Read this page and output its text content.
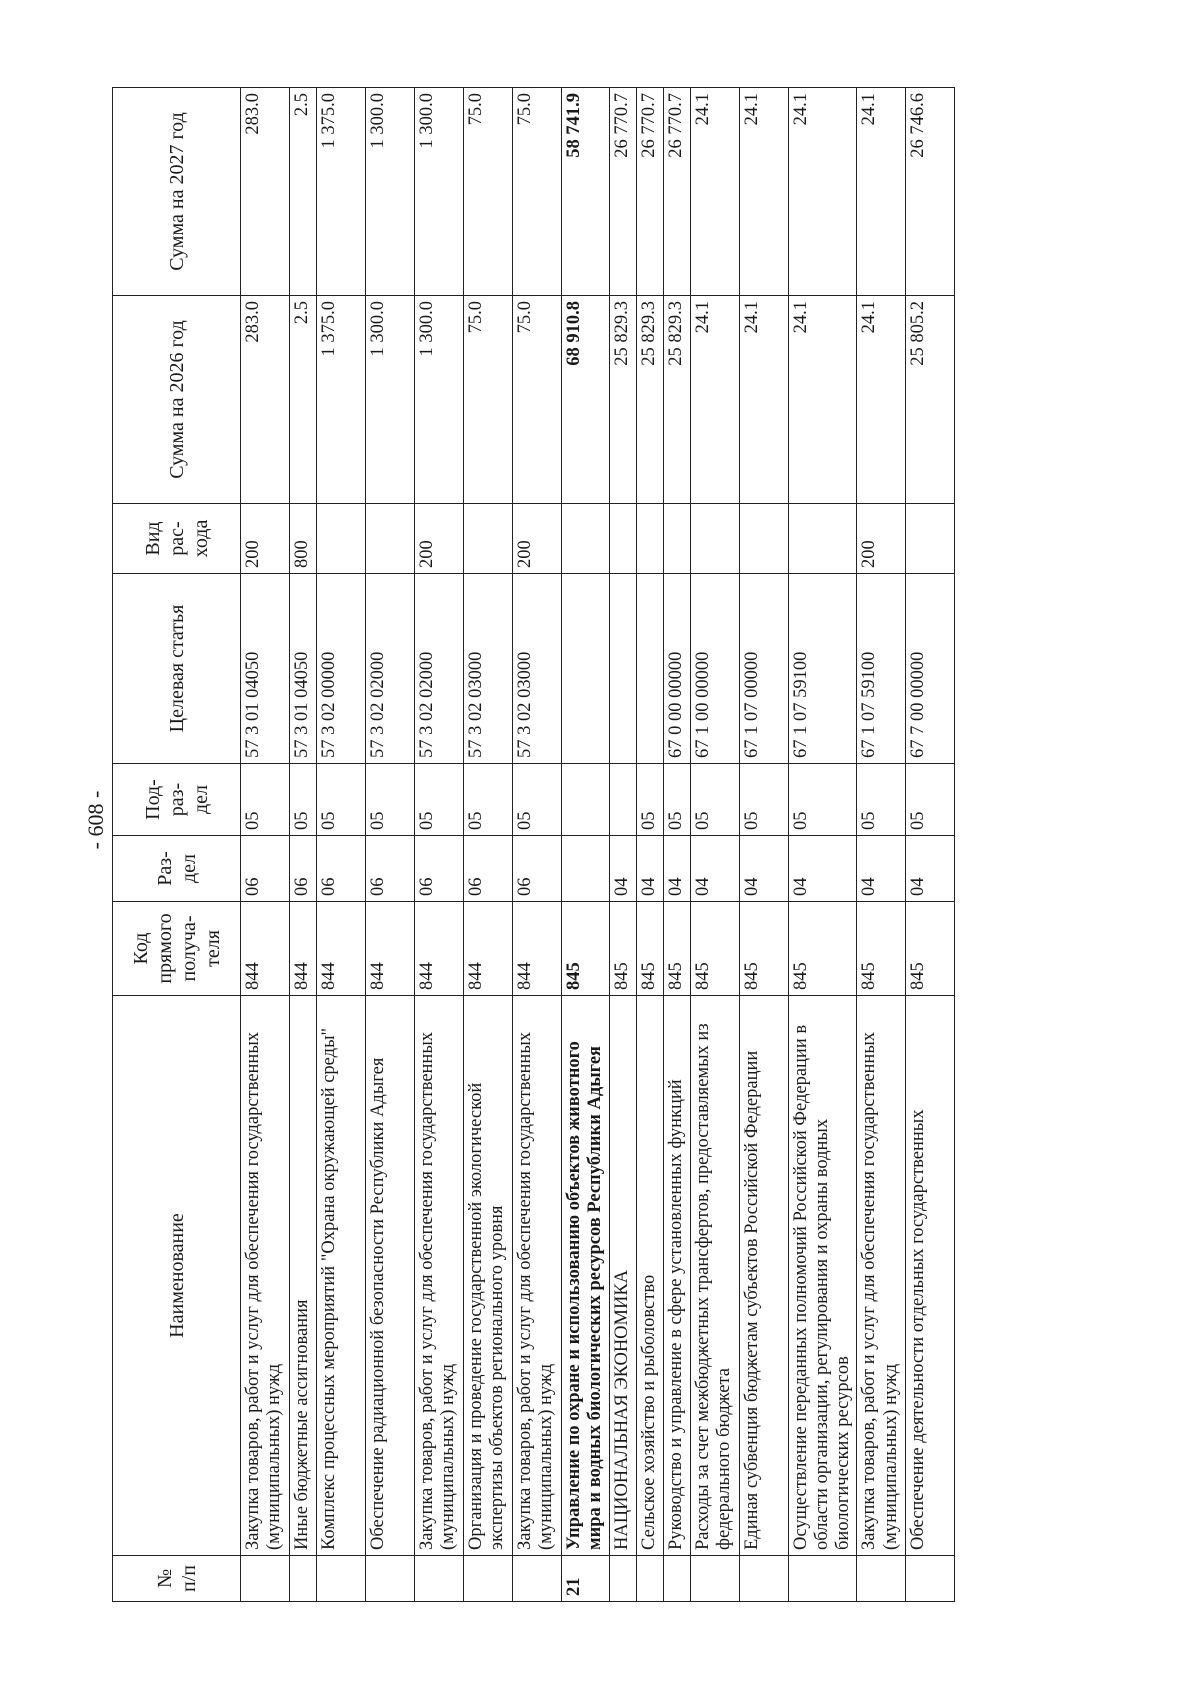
- 608 -
№ п/п	Наименование	Код прямого получа-теля	Раз-дел	Под-раз-дел	Целевая статья	Вид рас-хода	Сумма на 2026 год	Сумма на 2027 год
	Закупка товаров, работ и услуг для обеспечения государственных (муниципальных) нужд	844	06	05	57 3 01 04050	200	283.0	283.0
	Иные бюджетные ассигнования	844	06	05	57 3 01 04050	800	2.5	2.5
	Комплекс процессных мероприятий "Охрана окружающей среды"	844	06	05	57 3 02 00000		1 375.0	1 375.0
	Обеспечение радиационной безопасности Республики Адыгея	844	06	05	57 3 02 02000		1 300.0	1 300.0
	Закупка товаров, работ и услуг для обеспечения государственных (муниципальных) нужд	844	06	05	57 3 02 02000	200	1 300.0	1 300.0
	Организация и проведение государственной экологической экспертизы объектов регионального уровня	844	06	05	57 3 02 03000		75.0	75.0
	Закупка товаров, работ и услуг для обеспечения государственных (муниципальных) нужд	844	06	05	57 3 02 03000	200	75.0	75.0
21	Управление по охране и использованию объектов животного мира и водных биологических ресурсов Республики Адыгея	845					68 910.8	58 741.9
	НАЦИОНАЛЬНАЯ ЭКОНОМИКА	845	04				25 829.3	26 770.7
	Сельское хозяйство и рыболовство	845	04	05			25 829.3	26 770.7
	Руководство и управление в сфере установленных функций	845	04	05	67 0 00 00000		25 829.3	26 770.7
	Расходы за счет межбюджетных трансфертов, предоставляемых из федерального бюджета	845	04	05	67 1 00 00000		24.1	24.1
	Единая субвенция бюджетам субъектов Российской Федерации	845	04	05	67 1 07 00000		24.1	24.1
	Осуществление переданных полномочий Российской Федерации в области организации, регулирования и охраны водных биологических ресурсов	845	04	05	67 1 07 59100		24.1	24.1
	Закупка товаров, работ и услуг для обеспечения государственных (муниципальных) нужд	845	04	05	67 1 07 59100	200	24.1	24.1
	Обеспечение деятельности отдельных государственных	845	04	05	67 7 00 00000		25 805.2	26 746.6
